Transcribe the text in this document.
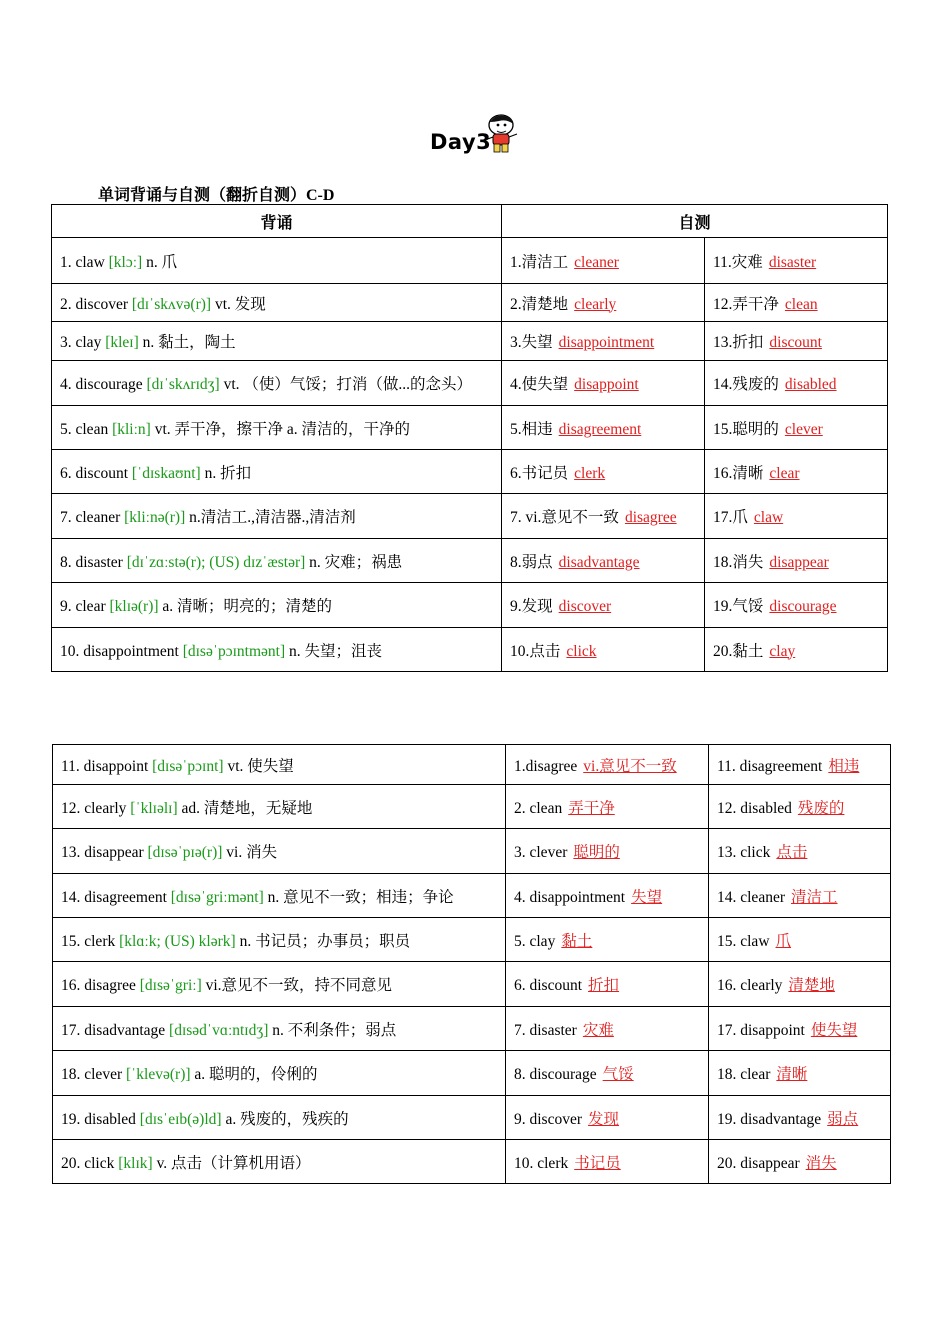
Day3
单词背诵与自测（翻折自测）C-D
背诵	自测	
1. claw [klɔː] n. 爪	1.清洁工 cleaner	11.灾难 disaster
2. discover [dɪˈskʌvə(r)] vt. 发现	2.清楚地 clearly	12.弄干净 clean
3. clay [kleɪ] n. 黏土，陶土	3.失望 disappointment	13.折扣 discount
4. discourage [dɪˈskʌrɪdʒ] vt. （使）气馁；打消（做...的念头）	4.使失望 disappoint	14.残废的 disabled
5. clean [kliːn] vt. 弄干净，擦干净 a. 清洁的，干净的	5.相违 disagreement	15.聪明的 clever
6. discount [ˈdɪskaʊnt] n. 折扣	6.书记员 clerk	16.清晰 clear
7. cleaner [kliːnə(r)] n.清洁工.,清洁器.,清洁剂	7. vi.意见不一致 disagree	17.爪 claw
8. disaster [dɪˈzɑːstə(r); (US) dɪzˈæstər] n. 灾难；祸患	8.弱点 disadvantage	18.消失 disappear
9. clear [klɪə(r)] a. 清晰；明亮的；清楚的	9.发现 discover	19.气馁 discourage
10. disappointment [dɪsəˈpɔɪntmənt] n. 失望；沮丧	10.点击 click	20.黏土 clay
11. disappoint [dɪsəˈpɔɪnt] vt. 使失望	1.disagree vi.意见不一致	11. disagreement 相违
12. clearly [ˈklɪəlɪ] ad. 清楚地，无疑地	2. clean 弄干净	12. disabled 残废的
13. disappear [dɪsəˈpɪə(r)] vi. 消失	3. clever 聪明的	13. click 点击
14. disagreement [dɪsəˈgriːmənt] n. 意见不一致；相违；争论	4. disappointment 失望	14. cleaner 清洁工
15. clerk [klɑːk; (US) klərk] n. 书记员；办事员；职员	5. clay 黏土	15. claw 爪
16. disagree [dɪsəˈgriː] vi.意见不一致，持不同意见	6. discount 折扣	16. clearly 清楚地
17. disadvantage [dɪsədˈvɑːntɪdʒ] n. 不利条件；弱点	7. disaster 灾难	17. disappoint 使失望
18. clever [ˈklevə(r)] a. 聪明的，伶俐的	8. discourage 气馁	18. clear 清晰
19. disabled [dɪsˈeɪb(ə)ld] a. 残废的，残疾的	9. discover 发现	19. disadvantage 弱点
20. click [klɪk] v. 点击（计算机用语）	10. clerk 书记员	20. disappear 消失
